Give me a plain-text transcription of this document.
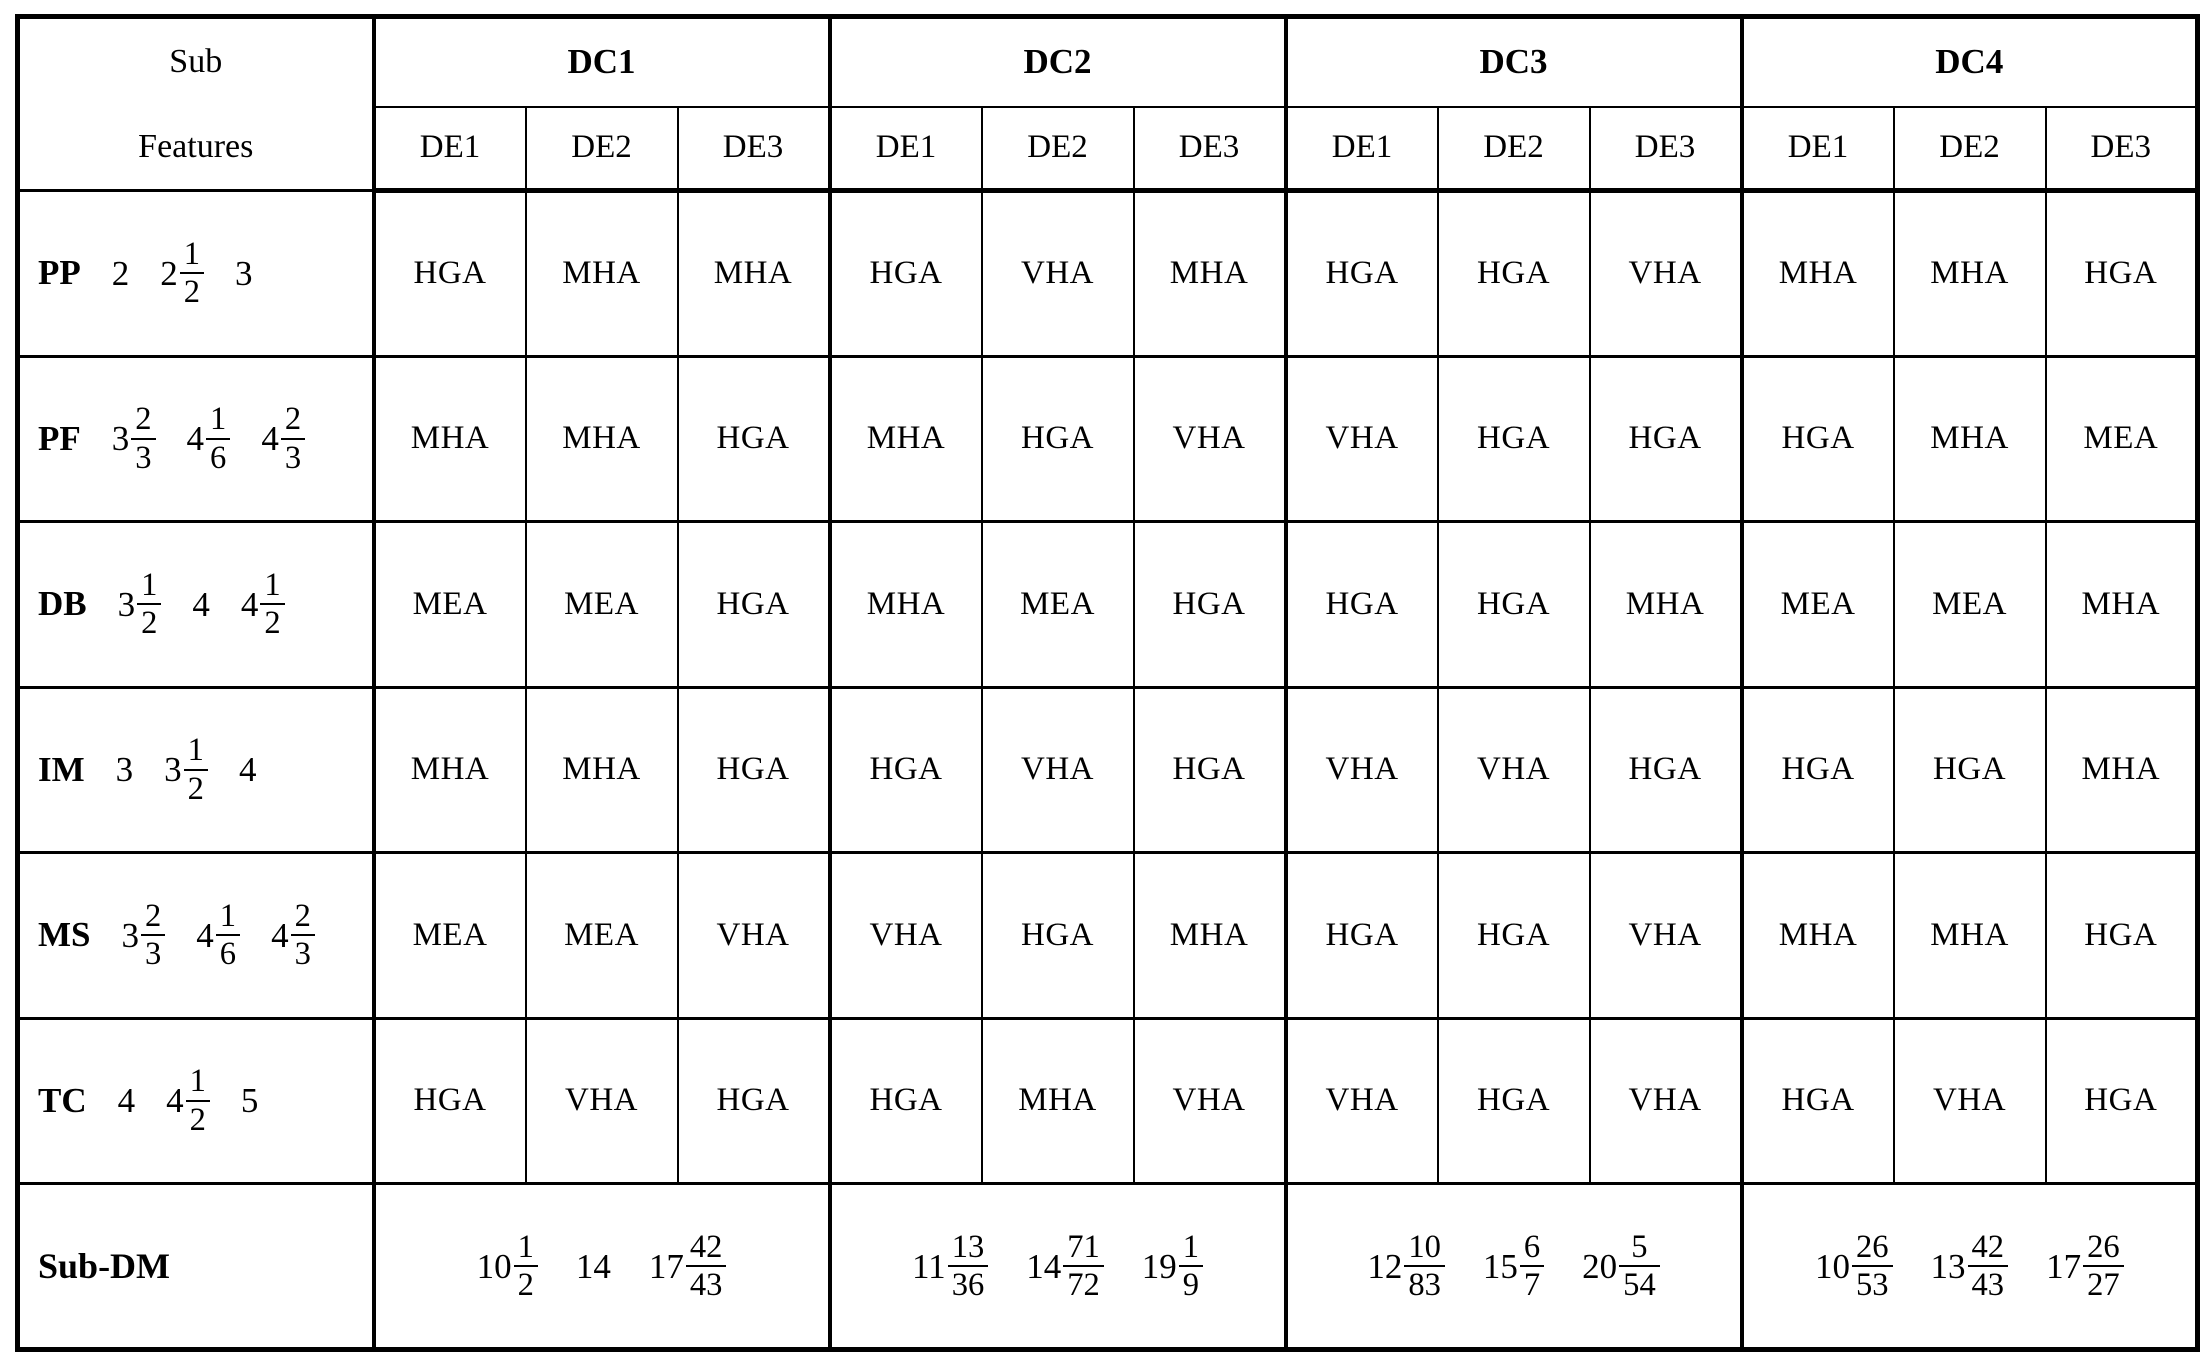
Sub
Features	DC1			DC2			DC3			DC4		
	DE1	DE2	DE3	DE1	DE2	DE3	DE1	DE2	DE3	DE1	DE2	DE3

PP 2 $2 \frac{1}{2} 3$	HGA	MHA	MHA	HGA	VHA	MHA	HGA	HGA	VHA	MHA	MHA	HGA

PF $3 \frac{2}{3} 4 \frac{1}{6} 4 \frac{2}{3}$	MHA	MHA	HGA	MHA	HGA	VHA	VHA	HGA	HGA	HGA	MHA	MEA

DB $3 \frac{1}{2} 4$ $4 \frac{1}{2}$	MEA	MEA	HGA	MHA	MEA	HGA	HGA	HGA	MHA	MEA	MEA	MHA

IM 3 $3 \frac{1}{2} 4$	MHA	MHA	HGA	HGA	VHA	HGA	VHA	VHA	HGA	HGA	HGA	MHA

MS $3 \frac{2}{3} 4 \frac{1}{6} 4 \frac{2}{3}$	MEA	MEA	VHA	VHA	HGA	MHA	HGA	HGA	VHA	MHA	MHA	HGA

TC 4 $4 \frac{1}{2} 5$	HGA	VHA	HGA	HGA	MHA	VHA	VHA	HGA	VHA	HGA	VHA	HGA

Sub-DM	$10 \frac{1}{2} 14$ $17 \frac{42}{43}$	$11 \frac{13}{36} 14 \frac{71}{72} 19 \frac{1}{9}$	$12 \frac{10}{83} 15 \frac{6}{7} 20 \frac{5}{54}$	$10 \frac{26}{53} 13 \frac{42}{43} 17 \frac{26}{27}$
